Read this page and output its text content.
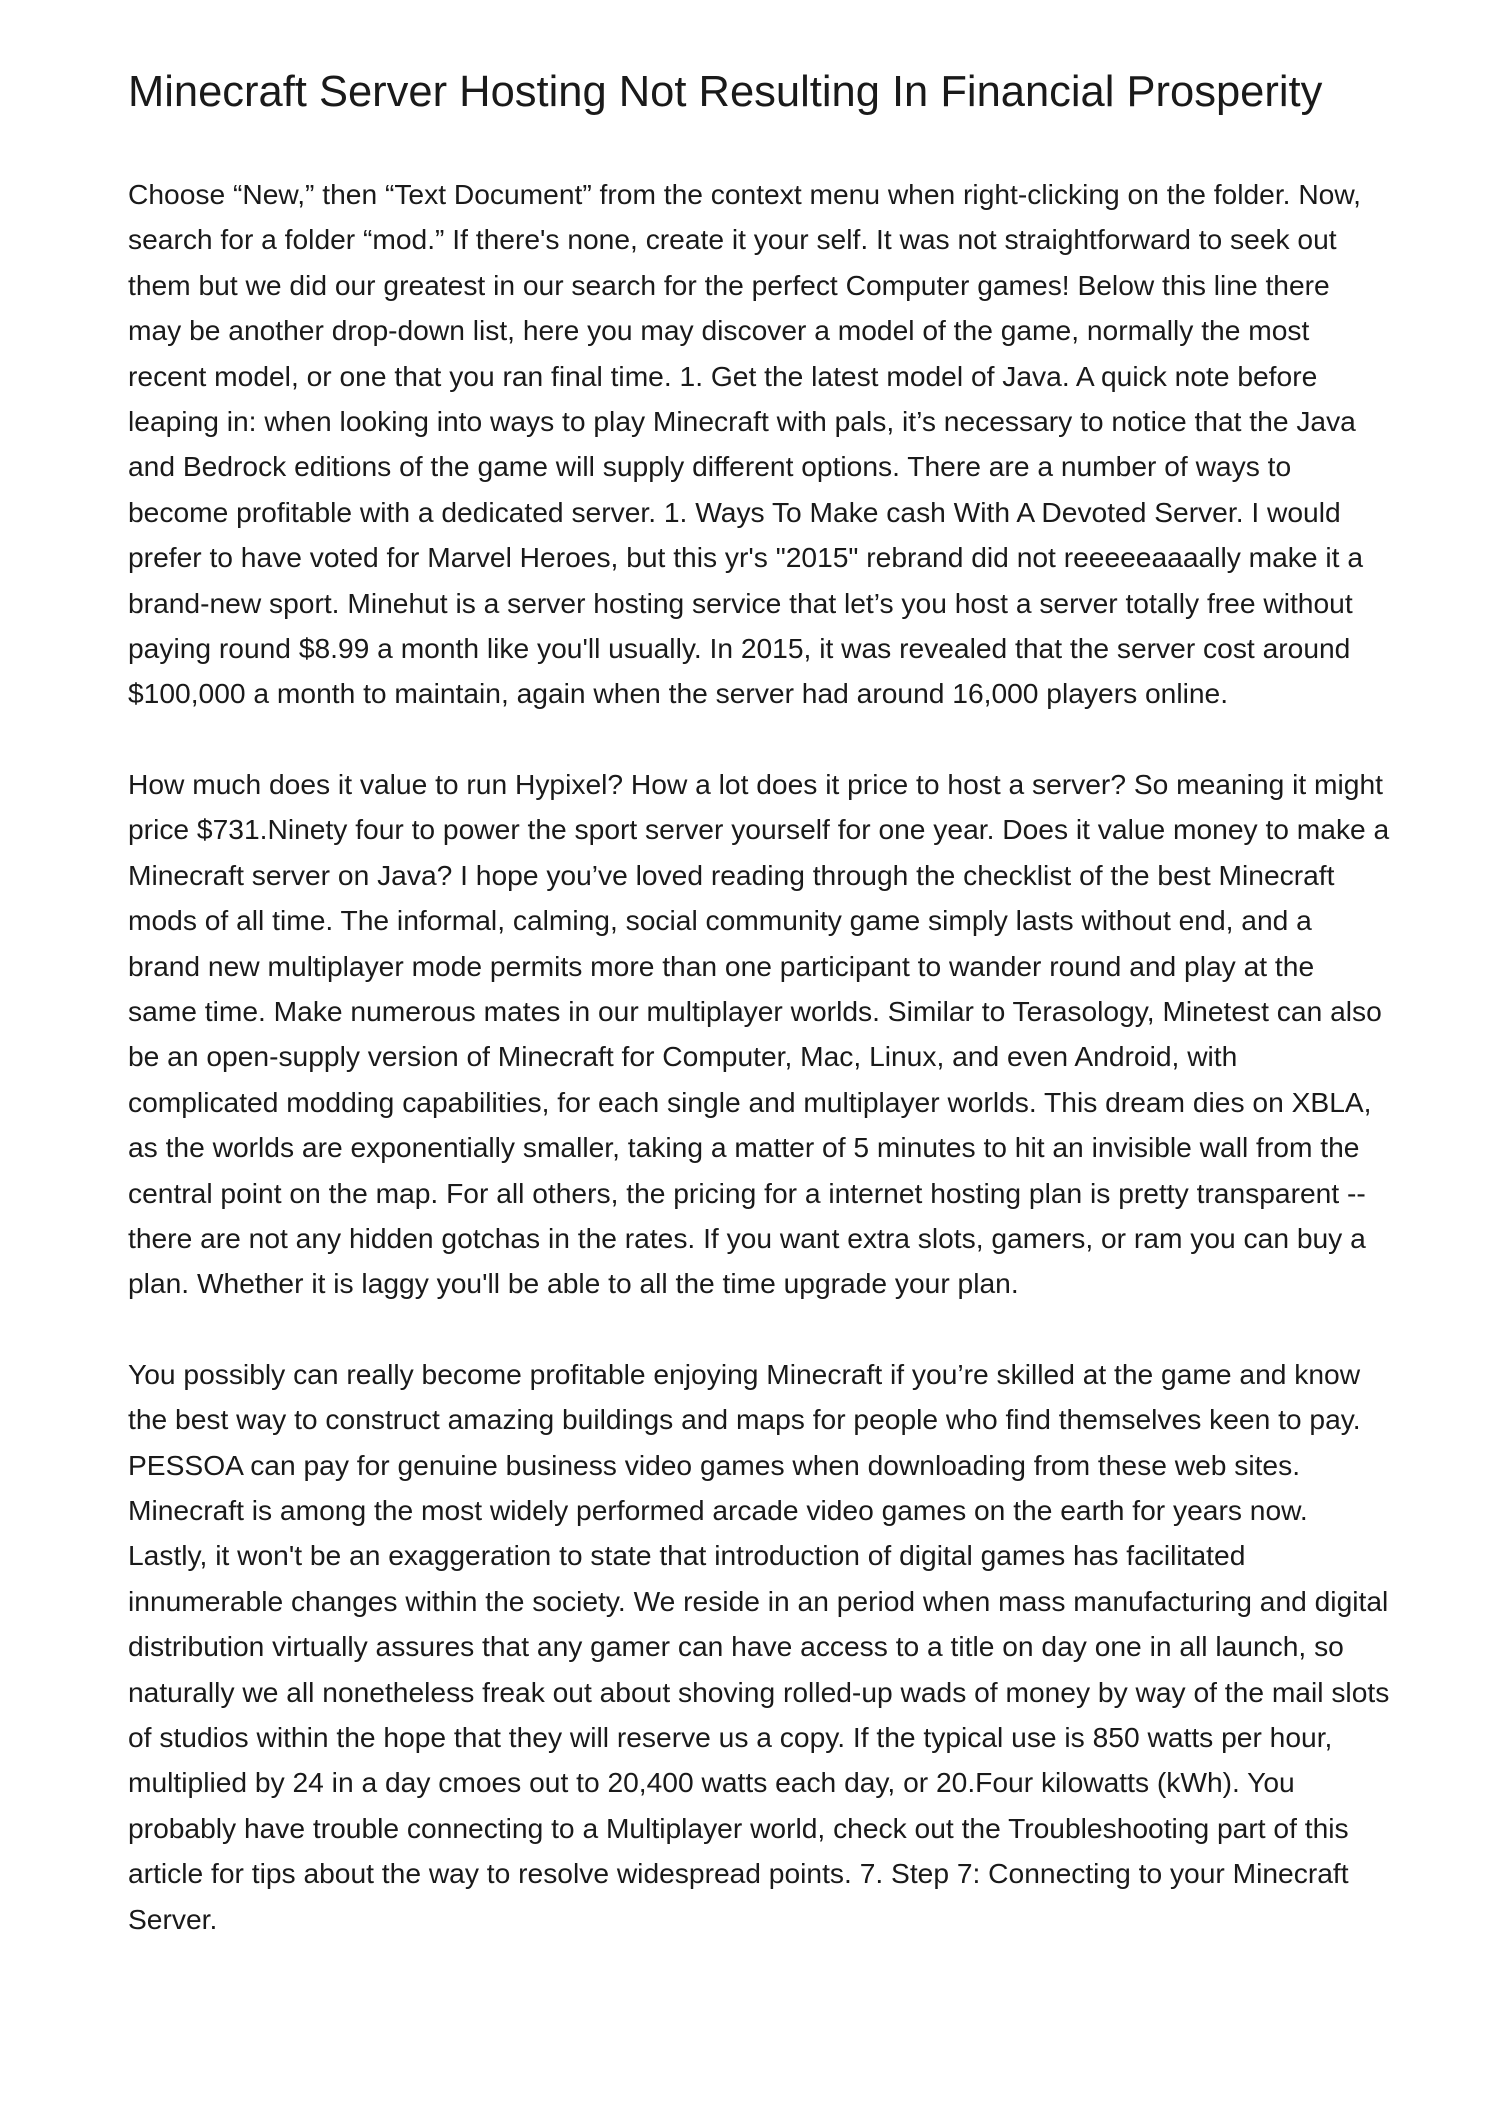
Minecraft Server Hosting Not Resulting In Financial Prosperity

Choose “New,” then “Text Document” from the context menu when right-clicking on the folder. Now, search for a folder “mod.” If there's none, create it your self. It was not straightforward to seek out them but we did our greatest in our search for the perfect Computer games! Below this line there may be another drop-down list, here you may discover a model of the game, normally the most recent model, or one that you ran final time. 1. Get the latest model of Java. A quick note before leaping in: when looking into ways to play Minecraft with pals, it’s necessary to notice that the Java and Bedrock editions of the game will supply different options. There are a number of ways to become profitable with a dedicated server. 1. Ways To Make cash With A Devoted Server. I would prefer to have voted for Marvel Heroes, but this yr's "2015" rebrand did not reeeeeaaaally make it a brand-new sport. Minehut is a server hosting service that let’s you host a server totally free without paying round $8.99 a month like you'll usually. In 2015, it was revealed that the server cost around $100,000 a month to maintain, again when the server had around 16,000 players online.

How much does it value to run Hypixel? How a lot does it price to host a server? So meaning it might price $731.Ninety four to power the sport server yourself for one year. Does it value money to make a Minecraft server on Java? I hope you’ve loved reading through the checklist of the best Minecraft mods of all time. The informal, calming, social community game simply lasts without end, and a brand new multiplayer mode permits more than one participant to wander round and play at the same time. Make numerous mates in our multiplayer worlds. Similar to Terasology, Minetest can also be an open-supply version of Minecraft for Computer, Mac, Linux, and even Android, with complicated modding capabilities, for each single and multiplayer worlds. This dream dies on XBLA, as the worlds are exponentially smaller, taking a matter of 5 minutes to hit an invisible wall from the central point on the map. For all others, the pricing for a internet hosting plan is pretty transparent -- there are not any hidden gotchas in the rates. If you want extra slots, gamers, or ram you can buy a plan. Whether it is laggy you'll be able to all the time upgrade your plan.

You possibly can really become profitable enjoying Minecraft if you’re skilled at the game and know the best way to construct amazing buildings and maps for people who find themselves keen to pay. PESSOA can pay for genuine business video games when downloading from these web sites. Minecraft is among the most widely performed arcade video games on the earth for years now. Lastly, it won't be an exaggeration to state that introduction of digital games has facilitated innumerable changes within the society. We reside in an period when mass manufacturing and digital distribution virtually assures that any gamer can have access to a title on day one in all launch, so naturally we all nonetheless freak out about shoving rolled-up wads of money by way of the mail slots of studios within the hope that they will reserve us a copy. If the typical use is 850 watts per hour, multiplied by 24 in a day cmoes out to 20,400 watts each day, or 20.Four kilowatts (kWh). You probably have trouble connecting to a Multiplayer world, check out the Troubleshooting part of this article for tips about the way to resolve widespread points. 7. Step 7: Connecting to your Minecraft Server.
